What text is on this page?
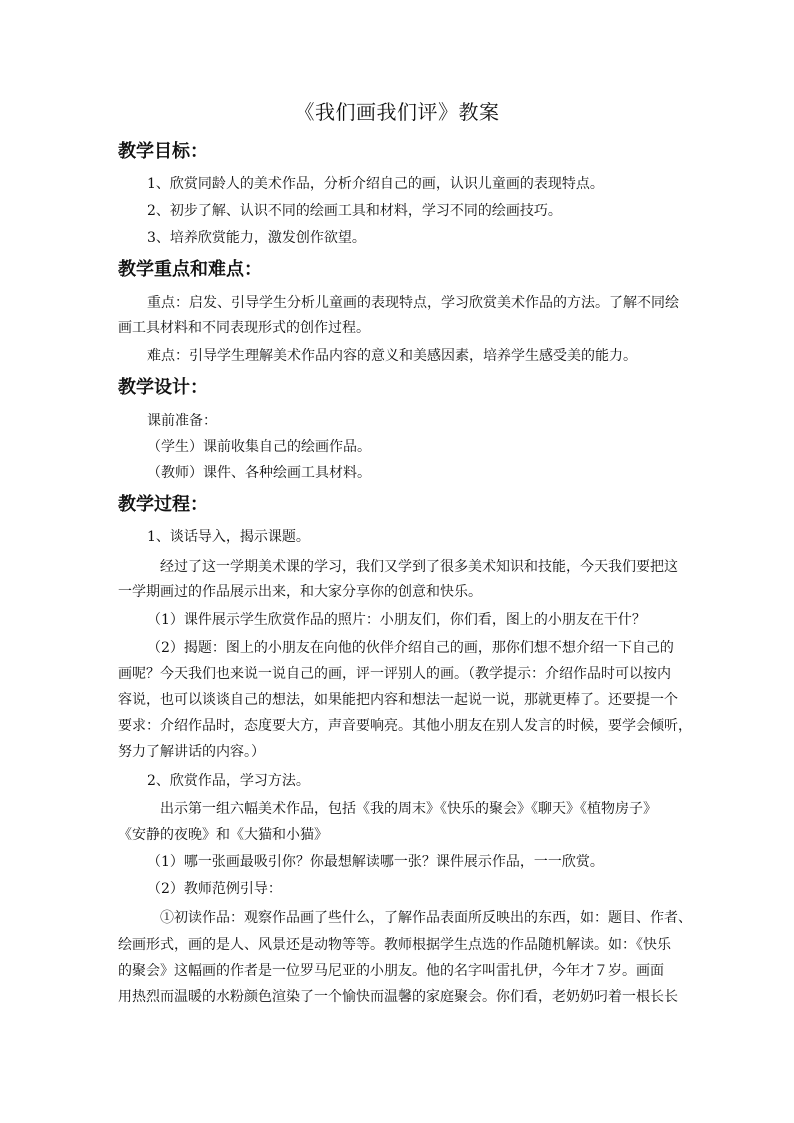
《我们画我们评》教案
教学目标：
1、欣赏同龄人的美术作品，分析介绍自己的画，认识儿童画的表现特点。
2、初步了解、认识不同的绘画工具和材料，学习不同的绘画技巧。
3、培养欣赏能力，激发创作欲望。
教学重点和难点：
重点：启发、引导学生分析儿童画的表现特点，学习欣赏美术作品的方法。了解不同绘
画工具材料和不同表现形式的创作过程。
难点：引导学生理解美术作品内容的意义和美感因素，培养学生感受美的能力。
教学设计：
课前准备：
（学生）课前收集自己的绘画作品。
（教师）课件、各种绘画工具材料。
教学过程：
1、谈话导入，揭示课题。
经过了这一学期美术课的学习，我们又学到了很多美术知识和技能，今天我们要把这
一学期画过的作品展示出来，和大家分享你的创意和快乐。
（1）课件展示学生欣赏作品的照片：小朋友们，你们看，图上的小朋友在干什？
（2）揭题：图上的小朋友在向他的伙伴介绍自己的画，那你们想不想介绍一下自己的
画呢？今天我们也来说一说自己的画，评一评别人的画。（教学提示：介绍作品时可以按内
容说，也可以谈谈自己的想法，如果能把内容和想法一起说一说，那就更棒了。还要提一个
要求：介绍作品时，态度要大方，声音要响亮。其他小朋友在别人发言的时候，要学会倾听，
努力了解讲话的内容。）
2、欣赏作品，学习方法。
出示第一组六幅美术作品，包括《我的周末》《快乐的聚会》《聊天》《植物房子》
《安静的夜晚》和《大猫和小猫》
（1）哪一张画最吸引你？你最想解读哪一张？课件展示作品，一一欣赏。
（2）教师范例引导：
①初读作品：观察作品画了些什么，了解作品表面所反映出的东西，如：题目、作者、
绘画形式，画的是人、风景还是动物等等。教师根据学生点选的作品随机解读。如：《快乐
的聚会》这幅画的作者是一位罗马尼亚的小朋友。他的名字叫雷扎伊，今年才７岁。画面
用热烈而温暖的水粉颜色渲染了一个愉快而温馨的家庭聚会。你们看，老奶奶叼着一根长长
